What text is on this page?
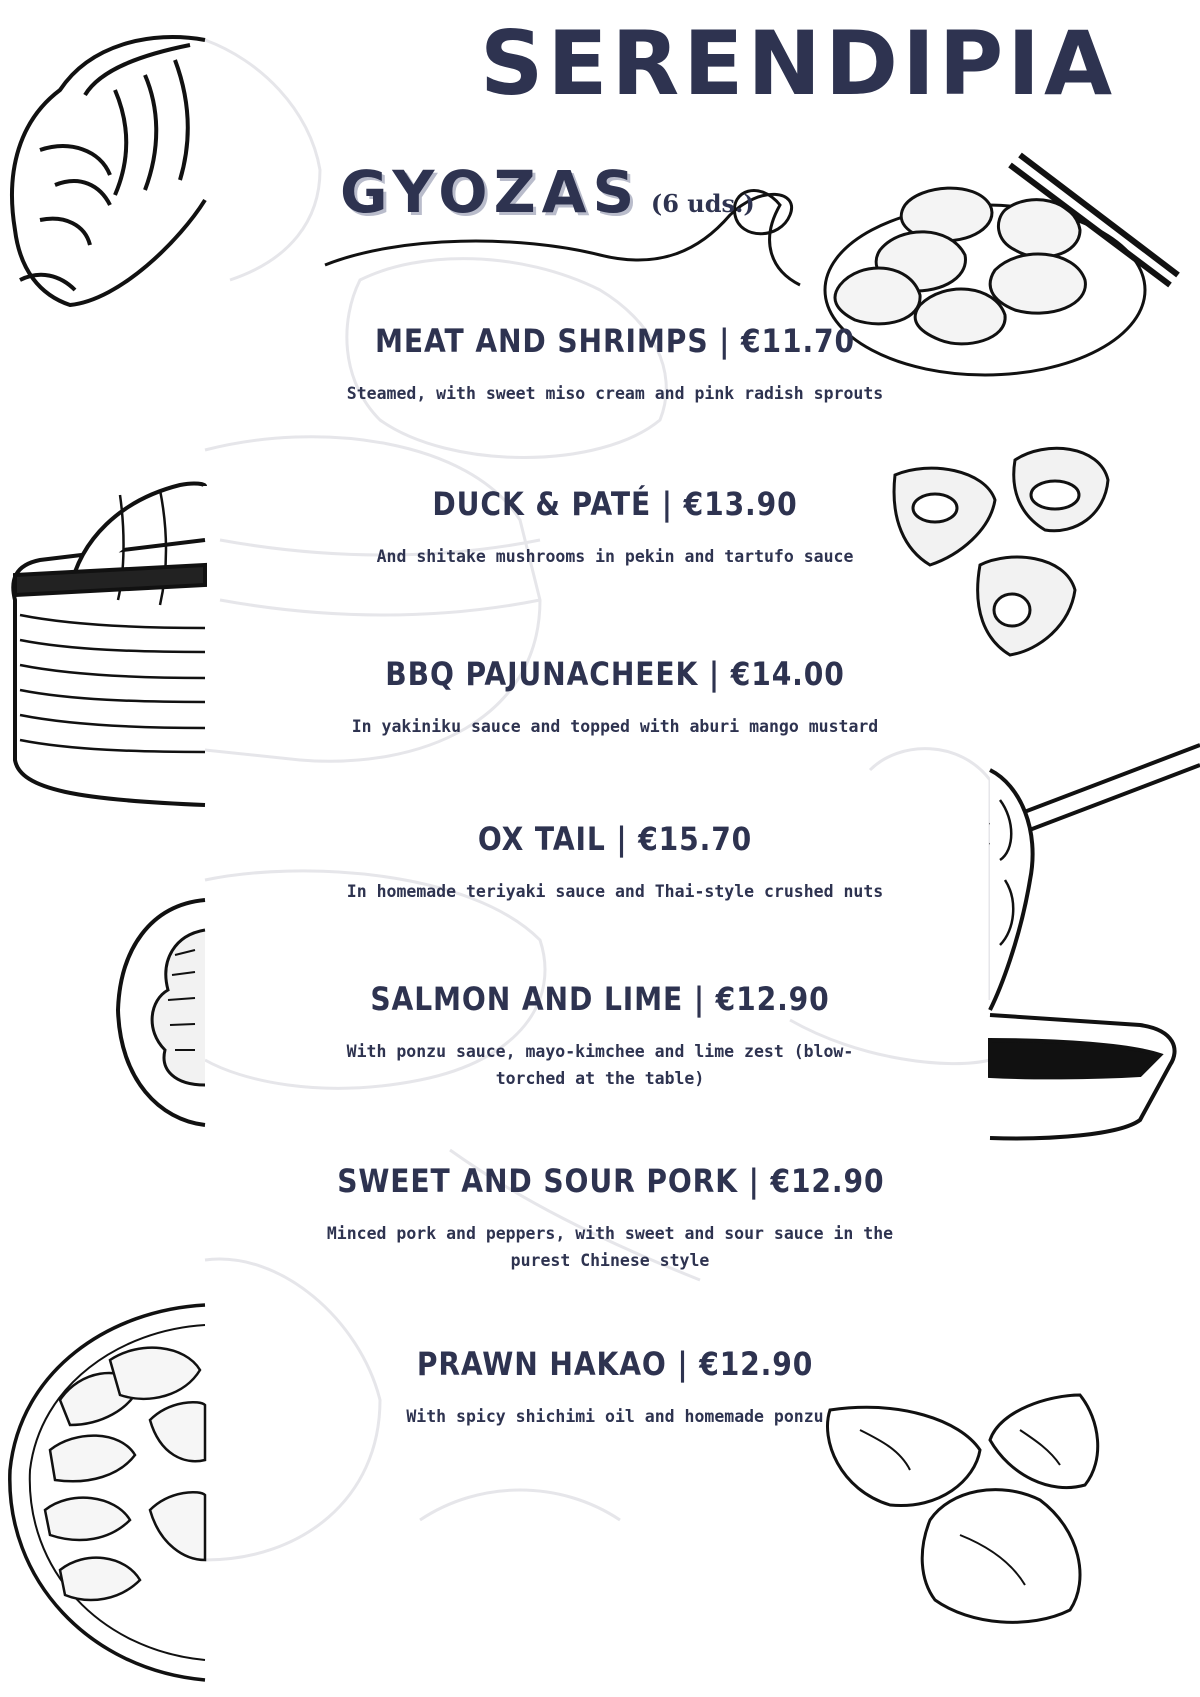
SERENDIPIA
GYOZAS (6 uds.)
MEAT AND SHRIMPS | €11.70
Steamed, with sweet miso cream and pink radish sprouts
DUCK & PATÉ | €13.90
And shitake mushrooms in pekin and tartufo sauce
BBQ PAJUNACHEEK | €14.00
In yakiniku sauce and topped with aburi mango mustard
OX TAIL | €15.70
In homemade teriyaki sauce and Thai-style crushed nuts
SALMON AND LIME | €12.90
With ponzu sauce, mayo-kimchee and lime zest (blow-torched at the table)
SWEET AND SOUR PORK | €12.90
Minced pork and peppers, with sweet and sour sauce in the purest Chinese style
PRAWN HAKAO | €12.90
With spicy shichimi oil and homemade ponzu
